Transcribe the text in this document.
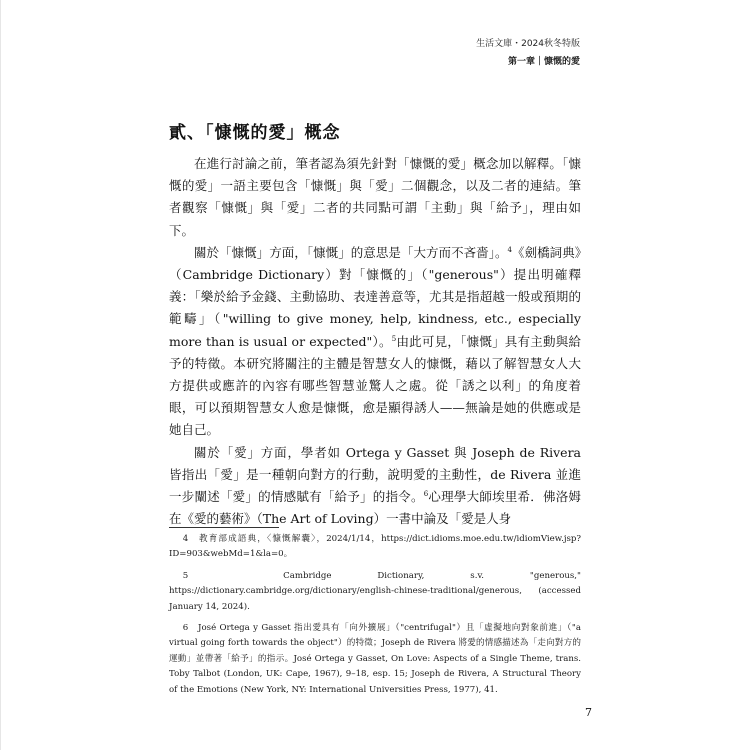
生活文庫・2024秋冬特版
第一章｜慷慨的愛
貳、「慷慨的愛」概念

在進行討論之前，筆者認為須先針對「慷慨的愛」概念加以解釋。「慷慨的愛」一語主要包含「慷慨」與「愛」二個觀念，以及二者的連結。筆者觀察「慷慨」與「愛」二者的共同點可謂「主動」與「給予」，理由如下。

關於「慷慨」方面，「慷慨」的意思是「大方而不吝嗇」。$^4$《劍橋詞典》（Cambridge Dictionary）對「慷慨的」（"generous"）提出明確釋義：「樂於給予金錢、主動協助、表達善意等，尤其是指超越一般或預期的範疇」（"willing to give money, help, kindness, etc., especially more than is usual or expected"）。$^5$由此可見，「慷慨」具有主動與給予的特徵。本研究將關注的主體是智慧女人的慷慨，藉以了解智慧女人大方提供或應許的內容有哪些智慧並驚人之處。從「誘之以利」的角度着眼，可以預期智慧女人愈是慷慨，愈是顯得誘人——無論是她的供應或是她自己。

關於「愛」方面，學者如 Ortega y Gasset 與 Joseph de Rivera 皆指出「愛」是一種朝向對方的行動，說明愛的主動性，de Rivera 並進一步闡述「愛」的情感賦有「給予」的指令。$^6$心理學大師埃里希．佛洛姆在《愛的藝術》（The Art of Loving）一書中論及「愛是人身

4　教育部成語典，〈慷慨解囊〉，2024/1/14，https://dict.idioms.moe.edu.tw/idiomView.jsp?ID=903&webMd=1&la=0。

5　Cambridge Dictionary, s.v. "generous," https://dictionary.cambridge.org/dictionary/english-chinese-traditional/generous, (accessed January 14, 2024).

6　José Ortega y Gasset 指出愛具有「向外擴展」（"centrifugal"）且「虛擬地向對象前進」（"a virtual going forth towards the object"）的特徵；Joseph de Rivera 將愛的情感描述為「走向對方的運動」並帶著「給予」的指示。José Ortega y Gasset, On Love: Aspects of a Single Theme, trans. Toby Talbot (London, UK: Cape, 1967), 9–18, esp. 15; Joseph de Rivera, A Structural Theory of the Emotions (New York, NY: International Universities Press, 1977), 41.

7
